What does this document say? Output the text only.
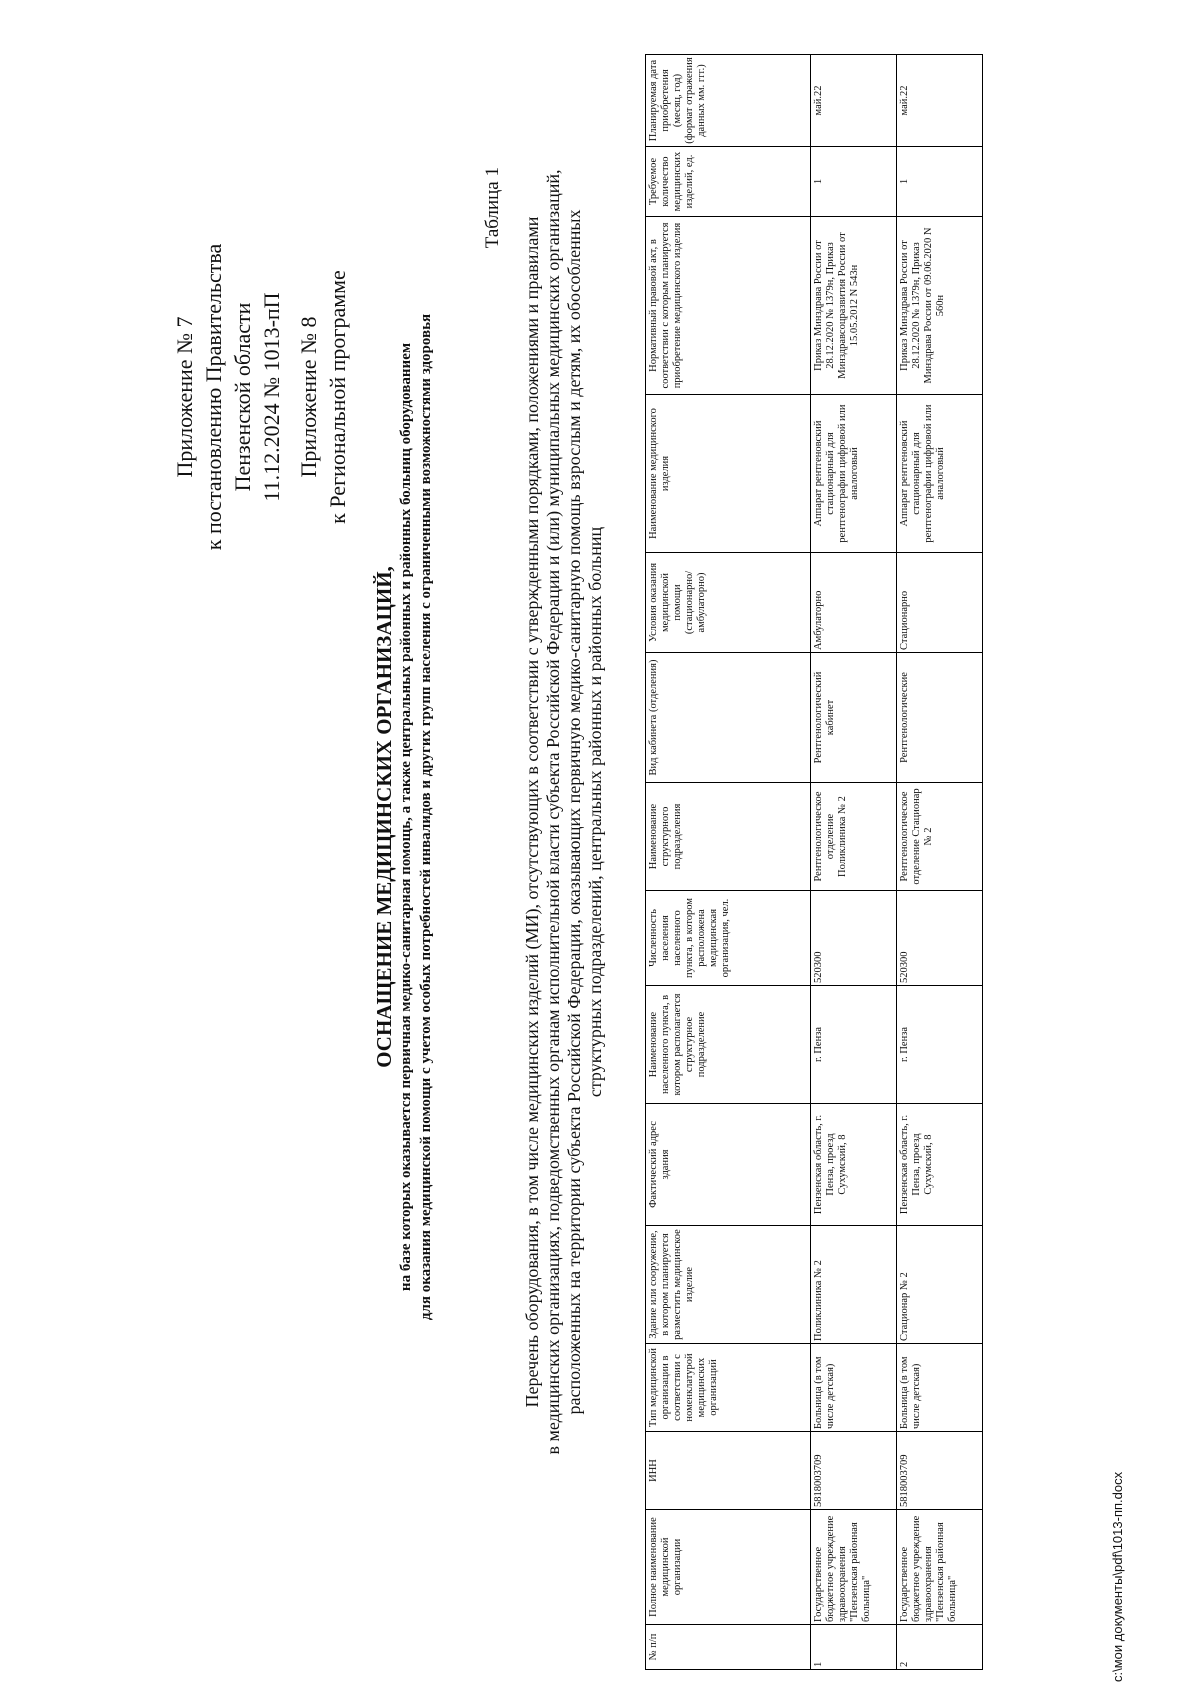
Приложение № 7 к постановлению Правительства Пензенской области 11.12.2024 № 1013-пП Приложение № 8 к Региональной программе
Таблица 1
ОСНАЩЕНИЕ МЕДИЦИНСКИХ ОРГАНИЗАЦИЙ, на базе которых оказывается первичная медико-санитарная помощь, а также центральных районных и районных больниц оборудованием для оказания медицинской помощи с учетом особых потребностей инвалидов и других групп населения с ограниченными возможностями здоровья	Перечень оборудования, в том числе медицинских изделий (МИ), отсутствующих в соответствии с утвержденными порядками, положениями и правилами в медицинских организациях, подведомственных органам исполнительной власти субъекта Российской Федерации и (или) муниципальных медицинских организаций, расположенных на территории субъекта Российской Федерации, оказывающих первичную медико-санитарную помощь взрослым и детям, их обособленных структурных подразделений, центральных районных и районных больниц
№ п/п	Полное наименование медицинской организации	ИНН	Тип медицинской организации в соответствии с номенклатурой медицинских организаций	Здание или сооружение, в котором планируется разместить медицинское изделие	Фактический адрес здания	Наименование населенного пункта, в котором располагается структурное подразделение	Численность населения населенного пункта, в котором расположена медицинская организация, чел.	Наименование структурного подразделения	Вид кабинета (отделения)	Условия оказания медицинской помощи (стационарно/ амбулаторно)	Наименование медицинского изделия	Нормативный правовой акт, в соответствии с которым планируется приобретение медицинского изделия	Требуемое количество медицинских изделий, ед.	Планируемая дата приобретения (месяц, год) (формат отражения данных мм. ггг.)
1	Государственное бюджетное учреждение здравоохранения "Пензенская районная больница"	5818003709	Больница (в том числе детская)	Поликлиника № 2	Пензенская область, г. Пенза, проезд Сухумский, 8	г. Пенза	520300	Рентгенологическое отделение Поликлиника № 2	Рентгенологический кабинет	Амбулаторно	Аппарат рентгеновский стационарный для рентгенографии цифровой или аналоговый	Приказ Минздрава России от 28.12.2020 № 1379н, Приказ Минздравсоцразвития России от 15.05.2012 N 543н	1	май.22
2	Государственное бюджетное учреждение здравоохранения "Пензенская районная больница"	5818003709	Больница (в том числе детская)	Стационар № 2	Пензенская область, г. Пенза, проезд Сухумский, 8	г. Пенза	520300	Рентгенологическое отделение Стационар № 2	Рентгенологические	Стационарно	Аппарат рентгеновский стационарный для рентгенографии цифровой или аналоговый	Приказ Минздрава России от 28.12.2020 № 1379н, Приказ Минздрава России от 09.06.2020 N 560н	1	май.22
c:\мои документы\pdf\1013-пп.docx
